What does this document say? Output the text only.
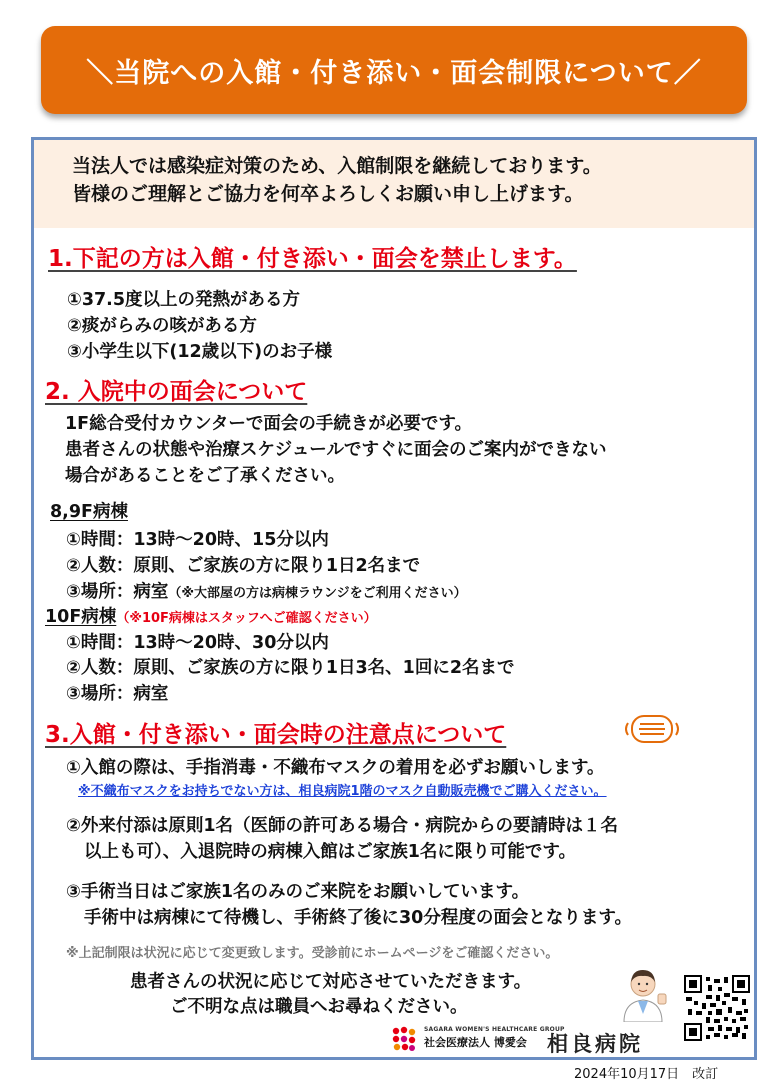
＼当院への入館・付き添い・面会制限について／
当法人では感染症対策のため、入館制限を継続しております。
皆様のご理解とご協力を何卒よろしくお願い申し上げます。
1.下記の方は入館・付き添い・面会を禁止します。
①37.5度以上の発熱がある方
②痰がらみの咳がある方
③小学生以下(12歳以下)のお子様
2. 入院中の面会について
1F総合受付カウンターで面会の手続きが必要です。
患者さんの状態や治療スケジュールですぐに面会のご案内ができない
場合があることをご了承ください。
8,9F病棟
①時間：13時～20時、15分以内
②人数：原則、ご家族の方に限り1日2名まで
③場所：病室（※大部屋の方は病棟ラウンジをご利用ください）
10F病棟（※10F病棟はスタッフへご確認ください）
①時間：13時～20時、30分以内
②人数：原則、ご家族の方に限り1日3名、1回に2名まで
③場所：病室
3.入館・付き添い・面会時の注意点について
①入館の際は、手指消毒・不織布マスクの着用を必ずお願いします。
※不織布マスクをお持ちでない方は、相良病院1階のマスク自動販売機でご購入ください。
②外来付添は原則1名（医師の許可ある場合・病院からの要請時は１名
以上も可）、入退院時の病棟入館はご家族1名に限り可能です。
③手術当日はご家族1名のみのご来院をお願いしています。
手術中は病棟にて待機し、手術終了後に30分程度の面会となります。
※上記制限は状況に応じて変更致します。受診前にホームページをご確認ください。
患者さんの状況に応じて対応させていただきます。
ご不明な点は職員へお尋ねください。
SAGARA WOMEN'S HEALTHCARE GROUP
社会医療法人 博愛会 相良病院
2024年10月17日　改訂
